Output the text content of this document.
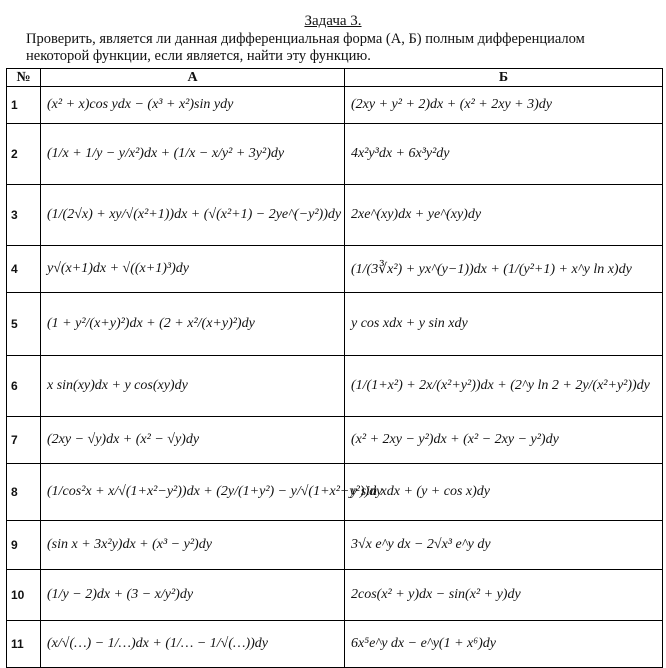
Задача 3.
Проверить, является ли данная дифференциальная форма (А, Б) полным дифференциалом некоторой функции, если является, найти эту функцию.
№	А	Б
1	(x² + x)cos ydx − (x³ + x²)sin ydy	(2xy + y² + 2)dx + (x² + 2xy + 3)dy
2	(1/x + 1/y − y/x²)dx + (1/x − x/y² + 3y²)dy	4x²y³dx + 6x³y²dy
3	(1/(2√x) + xy/√(x²+1))dx + (√(x²+1) − 2ye^(−y²))dy	2xe^(xy)dx + ye^(xy)dy
4	y√(x+1)dx + √((x+1)³)dy	(1/(3∛x²) + yx^(y−1))dx + (1/(y²+1) + x^y ln x)dy
5	(1 + y²/(x+y)²)dx + (2 + x²/(x+y)²)dy	y cos xdx + y sin xdy
6	x sin(xy)dx + y cos(xy)dy	(1/(1+x²) + 2x/(x²+y²))dx + (2^y ln 2 + 2y/(x²+y²))dy
7	(2xy − √y)dx + (x² − √y)dy	(x² + 2xy − y²)dx + (x² − 2xy − y²)dy
8	(1/cos²x + x/√(1+x²−y²))dx + (2y/(1+y²) − y/√(1+x²−y²))dy	y sin xdx + (y + cos x)dy
9	(sin x + 3x²y)dx + (x³ − y²)dy	3√x e^y dx − 2√x³ e^y dy
10	(1/y − 2)dx + (3 − x/y²)dy	2cos(x² + y)dx − sin(x² + y)dy
11	(x/√(…) − 1/…)dx + (1/… − 1/√(…))dy	6x⁵e^y dx − e^y(1 + x⁶)dy
